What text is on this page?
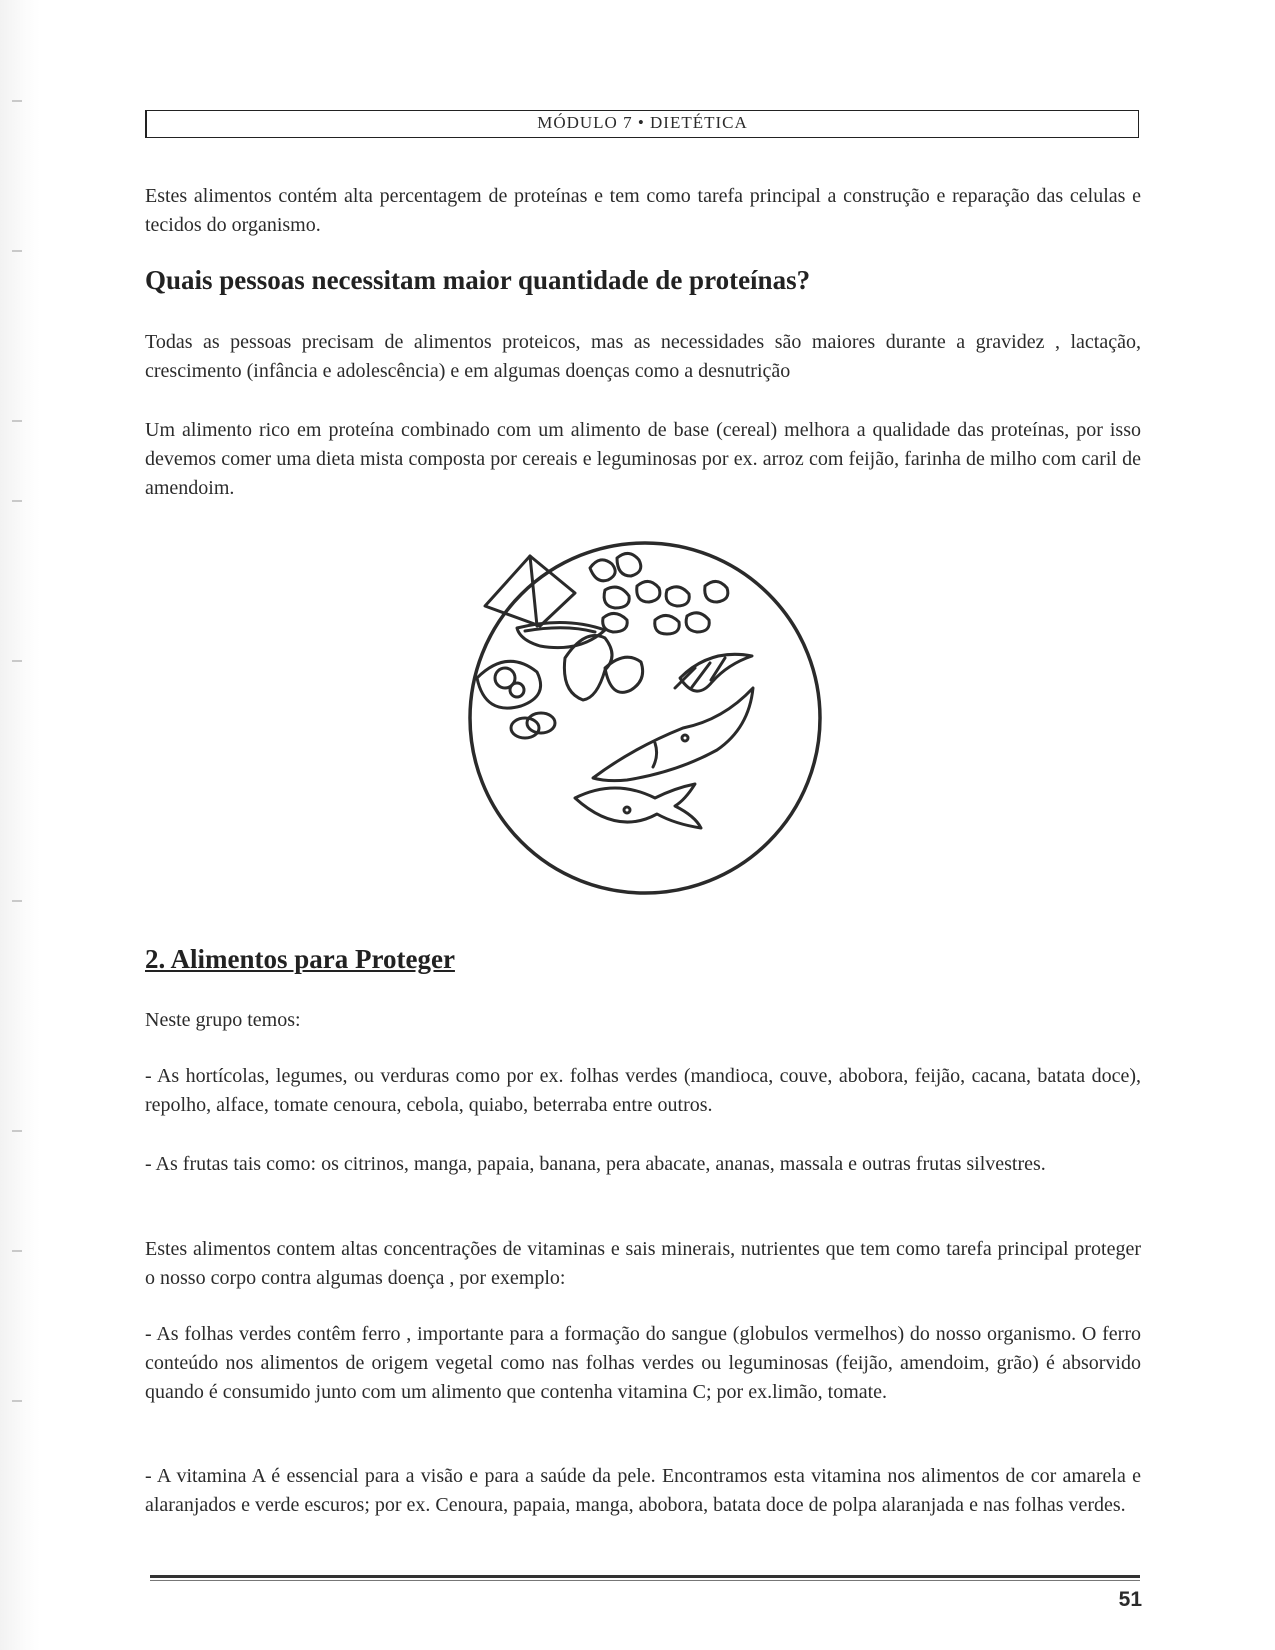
MÓDULO 7 • DIETÉTICA

Estes alimentos contém alta percentagem de proteínas e tem como tarefa principal a construção e reparação das celulas e tecidos do organismo.

Quais pessoas necessitam maior quantidade de proteínas?

Todas as pessoas precisam de alimentos proteicos, mas as necessidades são maiores durante a gravidez , lactação, crescimento (infância e adolescência) e em algumas doenças como a desnutrição

Um alimento rico em proteína combinado com um alimento de base (cereal) melhora a qualidade das proteínas, por isso devemos comer uma dieta mista composta por cereais e leguminosas por ex. arroz com feijão, farinha de milho com caril de amendoim.

2. Alimentos para Proteger

Neste grupo temos:

- As hortícolas, legumes, ou verduras como por ex. folhas verdes (mandioca, couve, abobora, feijão, cacana, batata doce), repolho, alface, tomate cenoura, cebola, quiabo, beterraba entre outros.

- As frutas tais como: os citrinos, manga, papaia, banana, pera abacate, ananas, massala e outras frutas silvestres.

Estes alimentos contem altas concentrações de vitaminas e sais minerais, nutrientes que tem como tarefa principal proteger o nosso corpo contra algumas doença , por exemplo:

- As folhas verdes contêm ferro , importante para a formação do sangue (globulos vermelhos) do nosso organismo. O ferro conteúdo nos alimentos de origem vegetal como nas folhas verdes ou leguminosas (feijão, amendoim, grão) é absorvido quando é consumido junto com um alimento que contenha vitamina C; por ex.limão, tomate.

- A vitamina A é essencial para a visão e para a saúde da pele. Encontramos esta vitamina nos alimentos de cor amarela e alaranjados e verde escuros; por ex. Cenoura, papaia, manga, abobora, batata doce de polpa alaranjada e nas folhas verdes.

51
